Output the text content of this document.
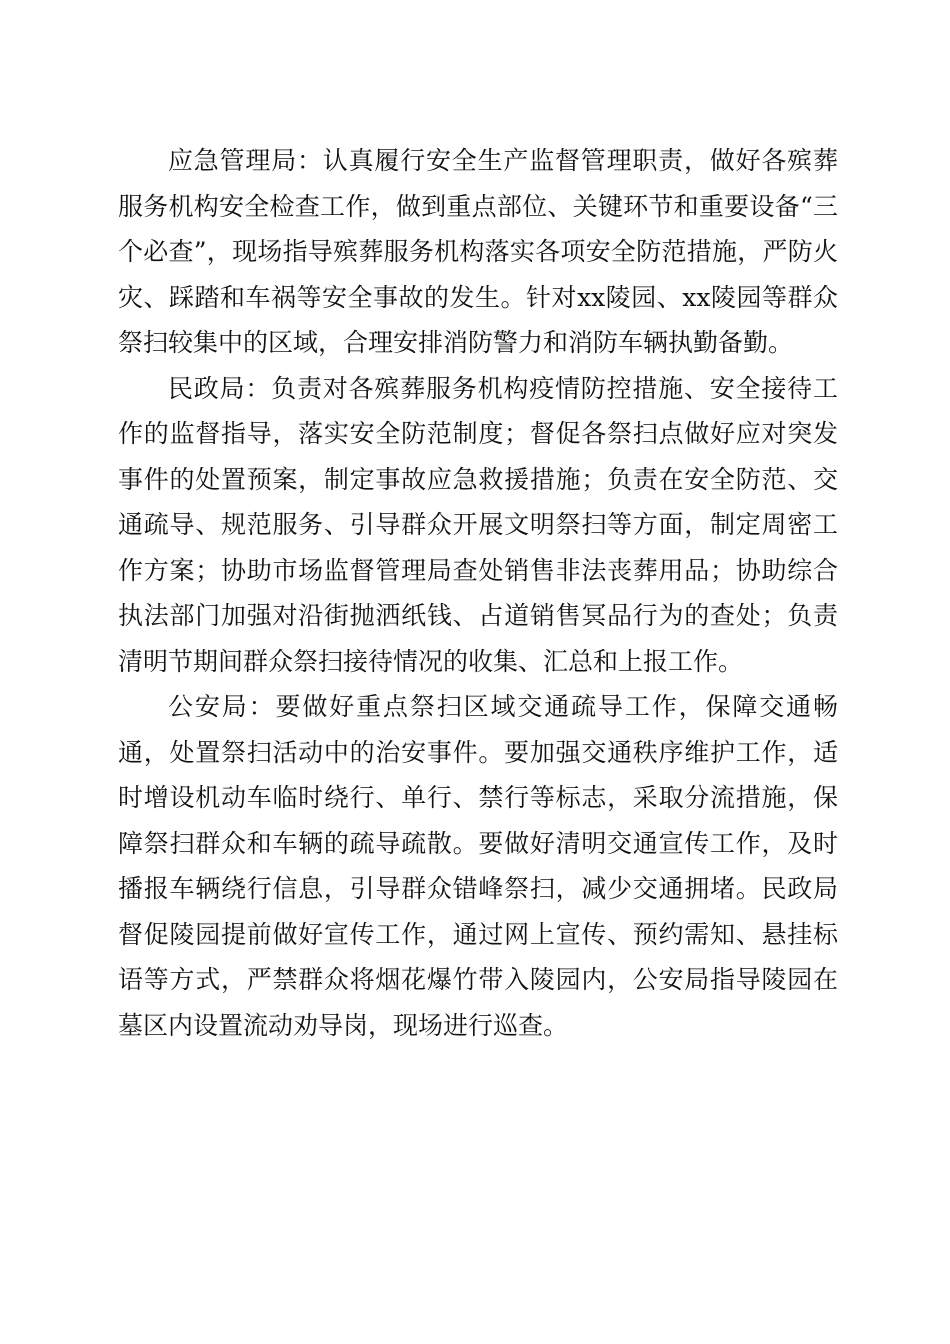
应急管理局：认真履行安全生产监督管理职责，做好各殡葬服务机构安全检查工作，做到重点部位、关键环节和重要设备“三个必查”，现场指导殡葬服务机构落实各项安全防范措施，严防火灾、踩踏和车祸等安全事故的发生。针对xx陵园、xx陵园等群众祭扫较集中的区域，合理安排消防警力和消防车辆执勤备勤。

民政局：负责对各殡葬服务机构疫情防控措施、安全接待工作的监督指导，落实安全防范制度；督促各祭扫点做好应对突发事件的处置预案，制定事故应急救援措施；负责在安全防范、交通疏导、规范服务、引导群众开展文明祭扫等方面，制定周密工作方案；协助市场监督管理局查处销售非法丧葬用品；协助综合执法部门加强对沿街抛洒纸钱、占道销售冥品行为的查处；负责清明节期间群众祭扫接待情况的收集、汇总和上报工作。

公安局：要做好重点祭扫区域交通疏导工作，保障交通畅通，处置祭扫活动中的治安事件。要加强交通秩序维护工作，适时增设机动车临时绕行、单行、禁行等标志，采取分流措施，保障祭扫群众和车辆的疏导疏散。要做好清明交通宣传工作，及时播报车辆绕行信息，引导群众错峰祭扫，减少交通拥堵。民政局督促陵园提前做好宣传工作，通过网上宣传、预约需知、悬挂标语等方式，严禁群众将烟花爆竹带入陵园内，公安局指导陵园在墓区内设置流动劝导岗，现场进行巡查。
